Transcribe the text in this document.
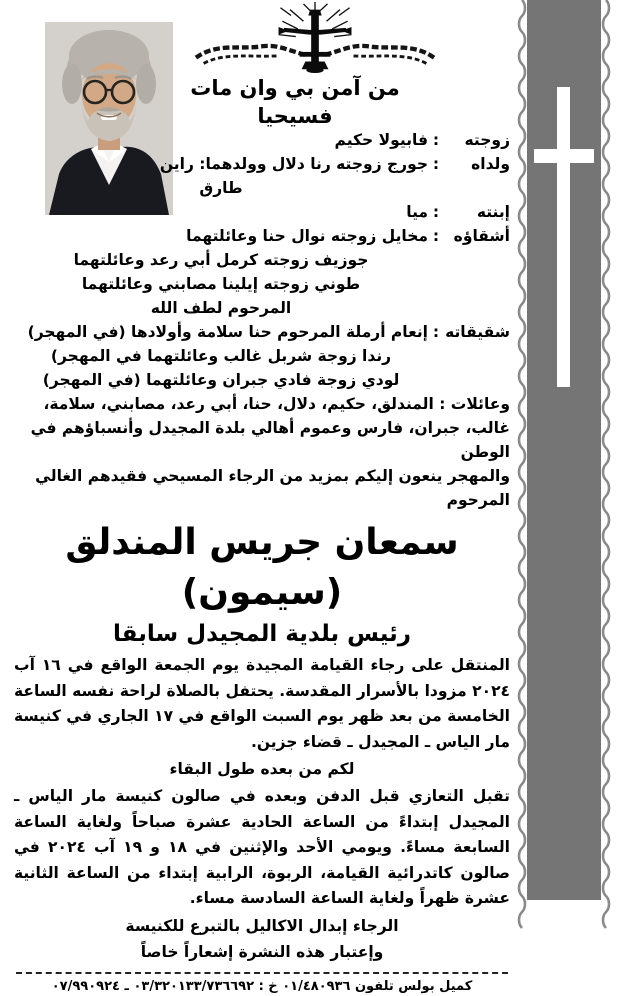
من آمن بي وان مات فسيحيا
زوجته
:
فابيولا حكيم
ولداه
:
جورج زوجته رنا دلال وولدهما: راين
طارق
إبنته
:
ميا
أشقاؤه
:
مخايل زوجته نوال حنا وعائلتهما
جوزيف زوجته كرمل أبي رعد وعائلتهما
طوني زوجته إيلينا مصابني وعائلتهما
المرحوم لطف الله
شقيقاته
:
إنعام أرملة المرحوم حنا سلامة وأولادها (في المهجر)
رندا زوجة شربل غالب وعائلتهما في المهجر)
لودي زوجة فادي جبران وعائلتهما (في المهجر)

وعائلات : المندلق، حكيم، دلال، حنا، أبي رعد، مصابني، سلامة،
غالب، جبران، فارس وعموم أهالي بلدة المجيدل وأنسباؤهم في الوطن
والمهجر ينعون إليكم بمزيد من الرجاء المسيحي فقيدهم الغالي المرحوم

سمعان جريس المندلق (سيمون)
رئيس بلدية المجيدل سابقا

المنتقل على رجاء القيامة المجيدة يوم الجمعة الواقع في ١٦ آب ٢٠٢٤ مزودا بالأسرار المقدسة. يحتفل بالصلاة لراحة نفسه الساعة الخامسة من بعد ظهر يوم السبت الواقع في ١٧ الجاري في كنيسة مار الياس ـ المجيدل ـ قضاء جزين.

لكم من بعده طول البقاء

تقبل التعازي قبل الدفن وبعده في صالون كنيسة مار الياس ـ المجيدل إبتداءً من الساعة الحادية عشرة صباحاً ولغاية الساعة السابعة مساءً. ويومي الأحد والإثنين في ١٨ و ١٩ آب ٢٠٢٤ في صالون كاتدرائية القيامة، الربوة، الرابية إبتداء من الساعة الثانية عشرة ظهراً ولغاية الساعة السادسة مساء.

الرجاء إبدال الاكاليل بالتبرع للكنيسة
وإعتبار هذه النشرة إشعاراً خاصاً
كميل بولس تلفون ٠١/٤٨٠٩٣٦ خ : ٠٣/٣٢٠١٣٣/٧٣٦٦٩٢ ـ ٠٧/٩٩٠٩٢٤
